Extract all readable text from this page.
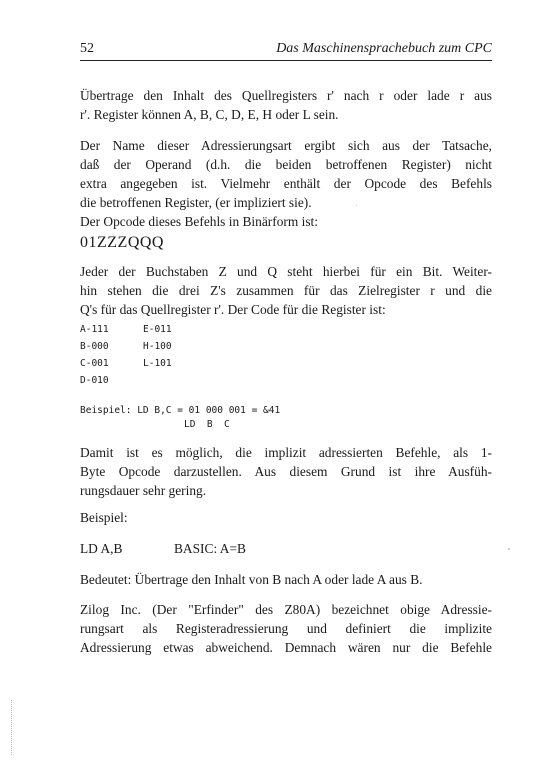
52	Das Maschinensprachebuch zum CPC

Übertrage den Inhalt des Quellregisters r' nach r oder lade r aus
r'. Register können A, B, C, D, E, H oder L sein.

Der Name dieser Adressierungsart ergibt sich aus der Tatsache,
daß der Operand (d.h. die beiden betroffenen Register) nicht
extra angegeben ist. Vielmehr enthält der Opcode des Befehls
die betroffenen Register, (er impliziert sie).
Der Opcode dieses Befehls in Binärform ist:

01ZZZQQQ

Jeder der Buchstaben Z und Q steht hierbei für ein Bit. Weiter-
hin stehen die drei Z's zusammen für das Zielregister r und die
Q's für das Quellregister r'. Der Code für die Register ist:

A-111	E-011
B-000	H-100
C-001	L-101
D-010
Beispiel: LD B,C = 01 000 001 = &41
LD  B  C

Damit ist es möglich, die implizit adressierten Befehle, als 1-
Byte Opcode darzustellen. Aus diesem Grund ist ihre Ausfüh-
rungsdauer sehr gering.

Beispiel:
LD A,B	BASIC: A=B
Bedeutet: Übertrage den Inhalt von B nach A oder lade A aus B.

Zilog Inc. (Der "Erfinder" des Z80A) bezeichnet obige Adressie-
rungsart als Registeradressierung und definiert die implizite
Adressierung etwas abweichend. Demnach wären nur die Befehle
